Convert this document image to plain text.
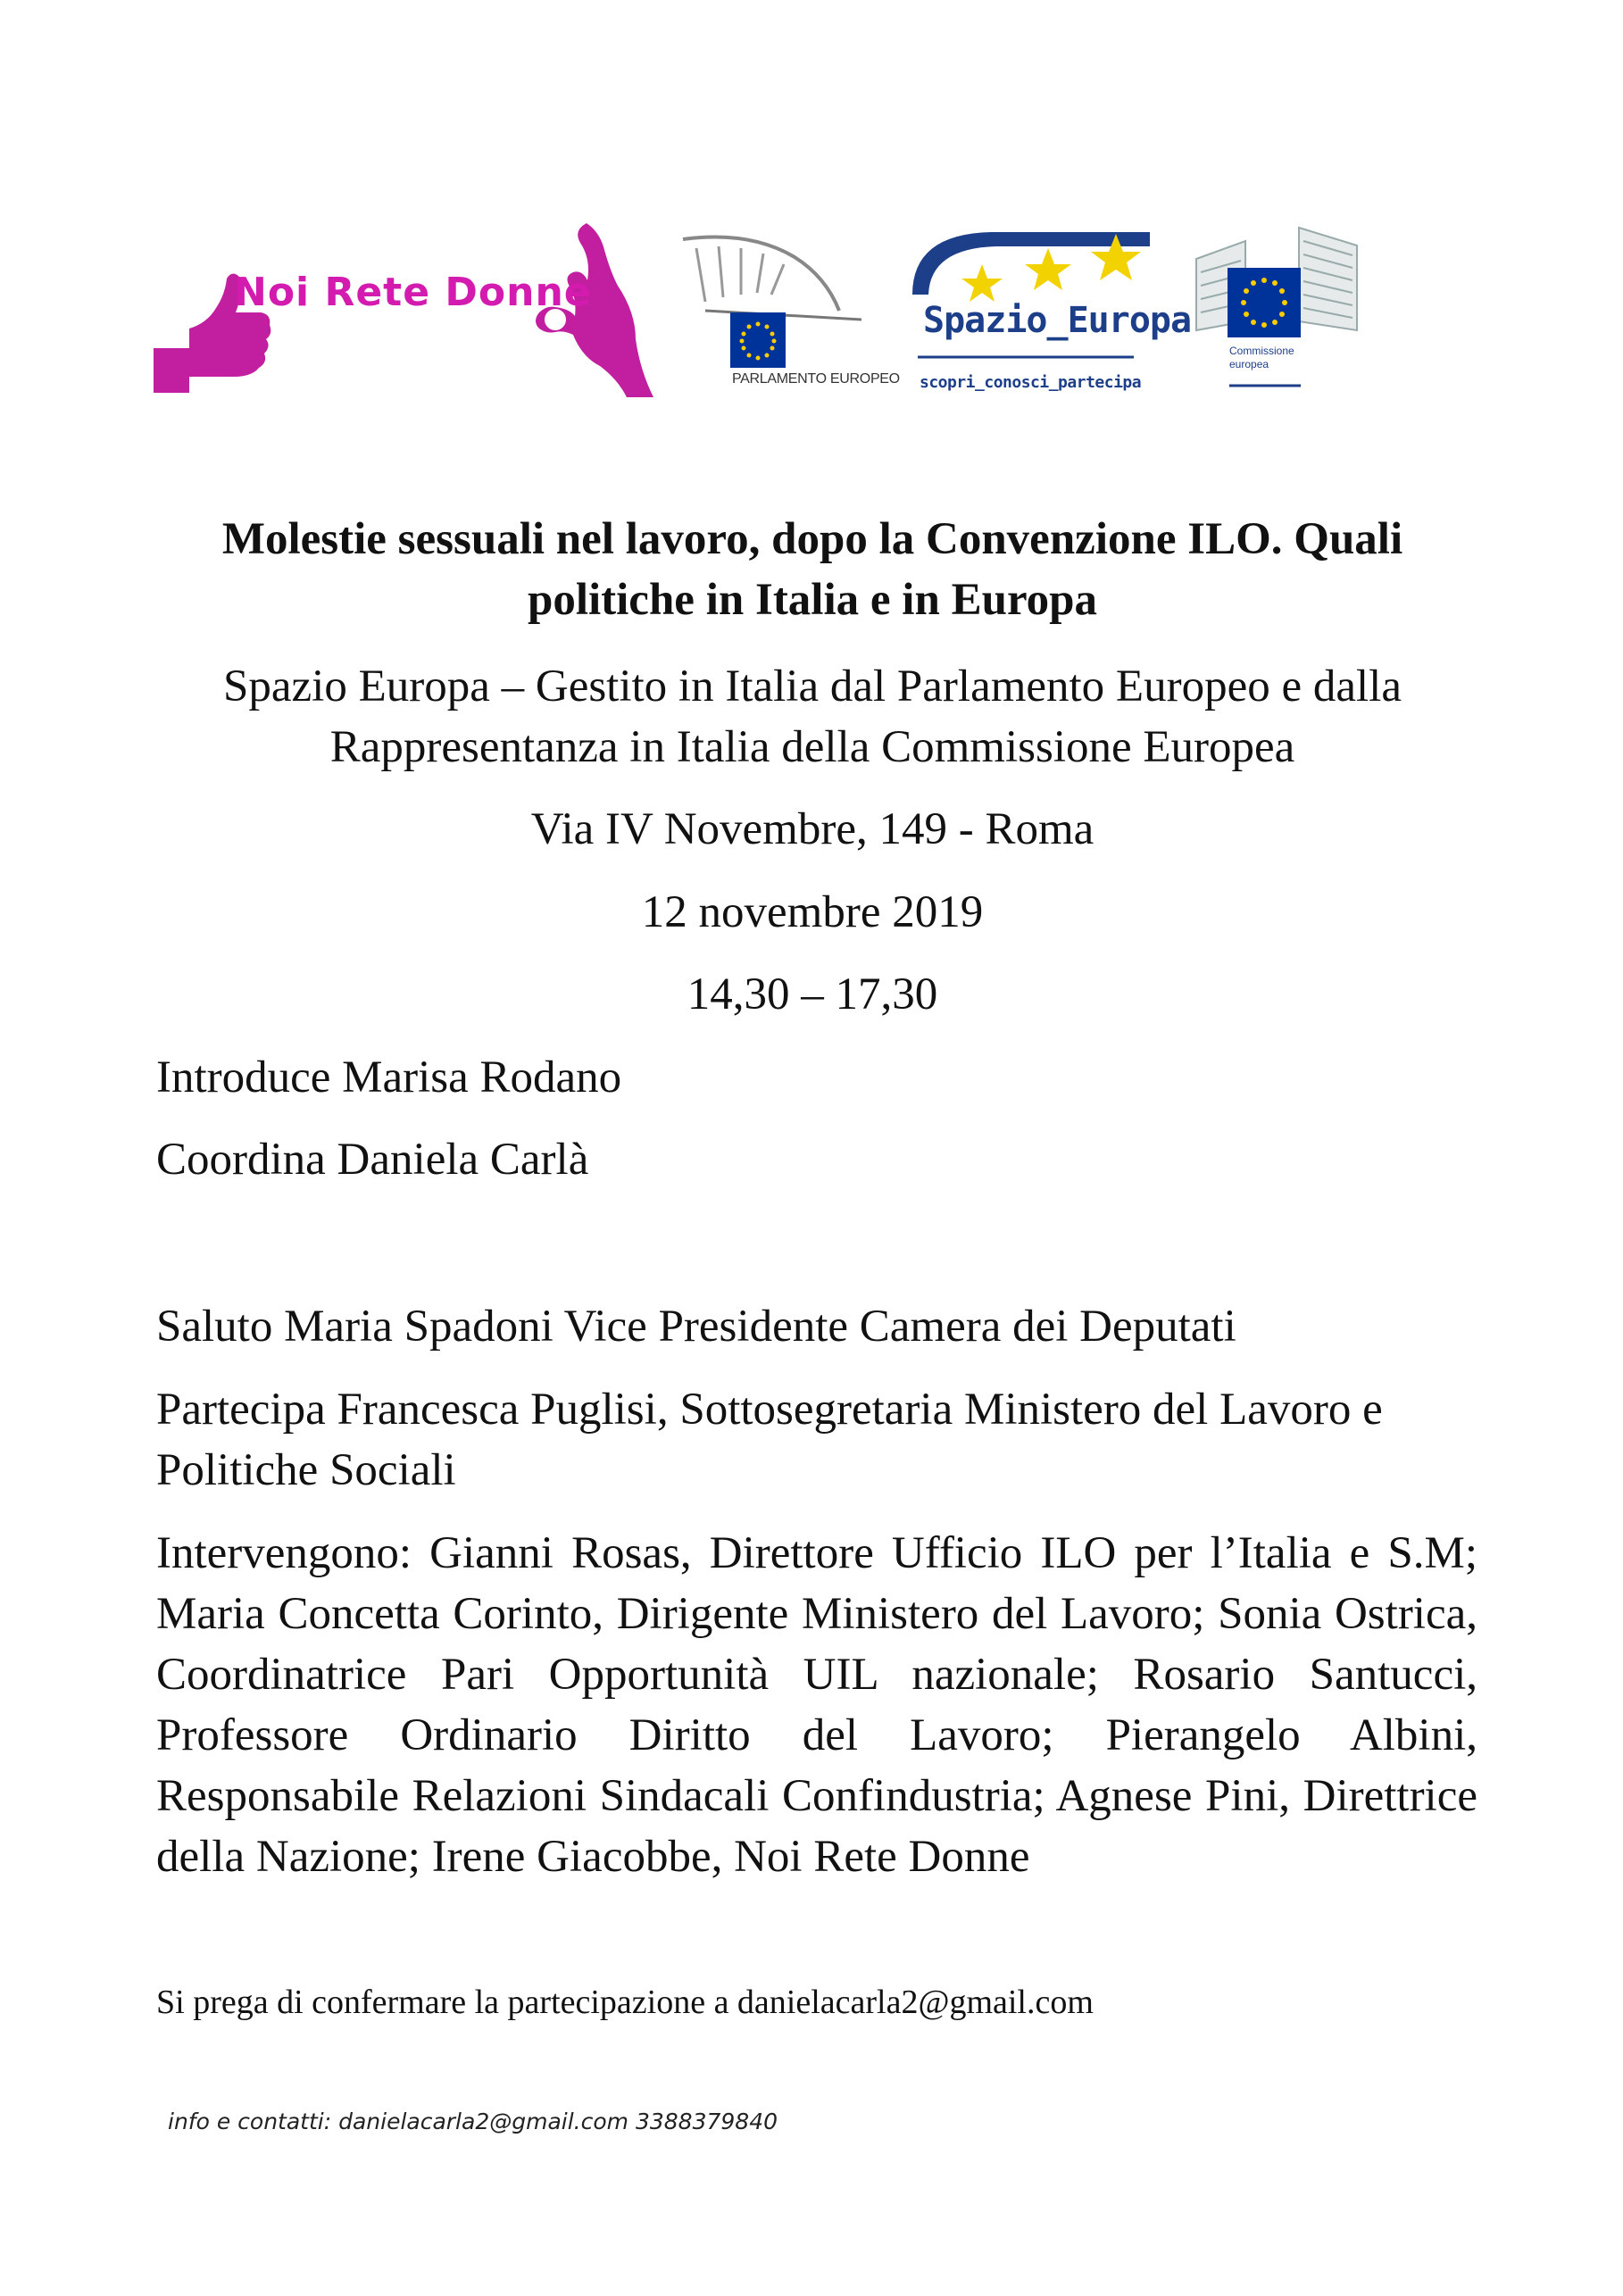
Noi Rete Donne
PARLAMENTO EUROPEO
Spazio_Europa
scopri_conosci_partecipa
Commissione
europea
Molestie sessuali nel lavoro, dopo la Convenzione ILO. Quali politiche in Italia e in Europa
Spazio Europa – Gestito in Italia dal Parlamento Europeo e dalla Rappresentanza in Italia della Commissione Europea
Via IV Novembre, 149 - Roma
12 novembre 2019
14,30 – 17,30
Introduce Marisa Rodano
Coordina Daniela Carlà
Saluto Maria Spadoni Vice Presidente Camera dei Deputati
Partecipa Francesca Puglisi, Sottosegretaria Ministero del Lavoro e Politiche Sociali
Intervengono: Gianni Rosas, Direttore Ufficio ILO per l’Italia e S.M; Maria Concetta Corinto, Dirigente Ministero del Lavoro; Sonia Ostrica, Coordinatrice Pari Opportunità UIL nazionale; Rosario Santucci, Professore Ordinario Diritto del Lavoro; Pierangelo Albini, Responsabile Relazioni Sindacali Confindustria; Agnese Pini, Direttrice della Nazione; Irene Giacobbe, Noi Rete Donne
Si prega di confermare la partecipazione a danielacarla2@gmail.com
info e contatti: danielacarla2@gmail.com 3388379840
